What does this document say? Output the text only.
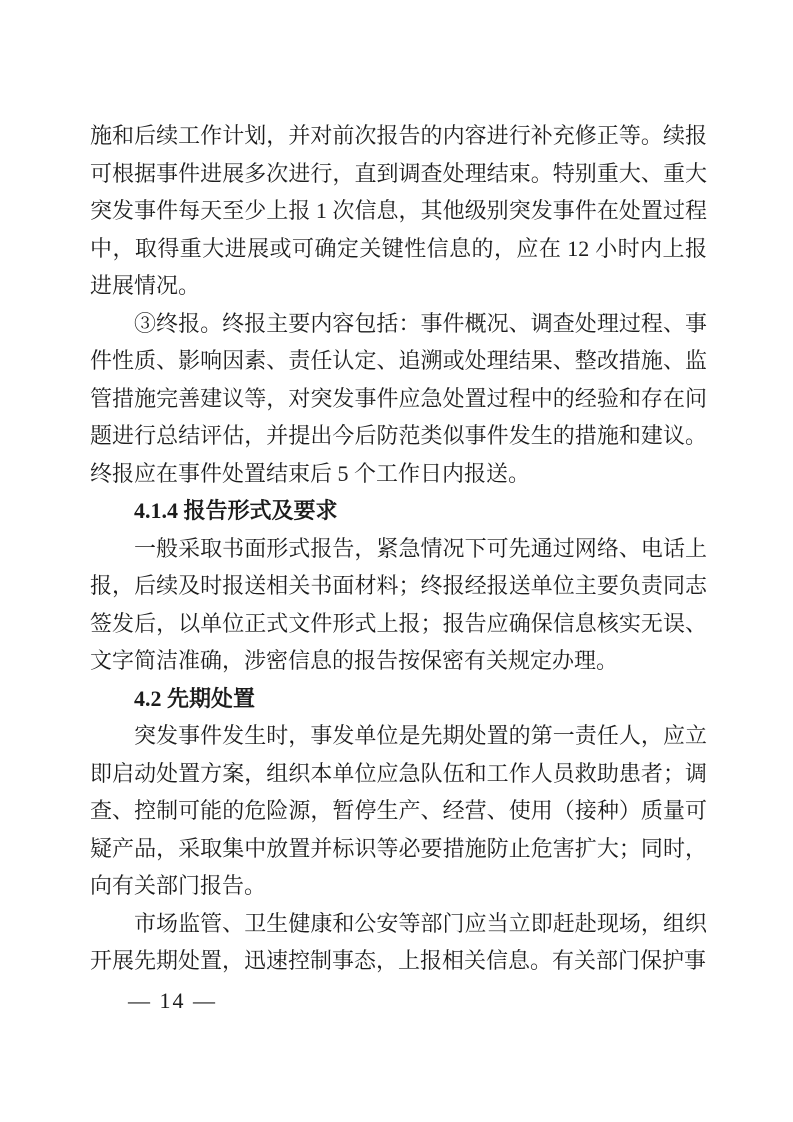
施和后续工作计划，并对前次报告的内容进行补充修正等。续报可根据事件进展多次进行，直到调查处理结束。特别重大、重大突发事件每天至少上报 1 次信息，其他级别突发事件在处置过程中，取得重大进展或可确定关键性信息的，应在 12 小时内上报进展情况。

③终报。终报主要内容包括：事件概况、调查处理过程、事件性质、影响因素、责任认定、追溯或处理结果、整改措施、监管措施完善建议等，对突发事件应急处置过程中的经验和存在问题进行总结评估，并提出今后防范类似事件发生的措施和建议。终报应在事件处置结束后 5 个工作日内报送。

4.1.4 报告形式及要求

一般采取书面形式报告，紧急情况下可先通过网络、电话上报，后续及时报送相关书面材料；终报经报送单位主要负责同志签发后，以单位正式文件形式上报；报告应确保信息核实无误、文字简洁准确，涉密信息的报告按保密有关规定办理。

4.2 先期处置

突发事件发生时，事发单位是先期处置的第一责任人，应立即启动处置方案，组织本单位应急队伍和工作人员救助患者；调查、控制可能的危险源，暂停生产、经营、使用（接种）质量可疑产品，采取集中放置并标识等必要措施防止危害扩大；同时，向有关部门报告。

市场监管、卫生健康和公安等部门应当立即赶赴现场，组织开展先期处置，迅速控制事态，上报相关信息。有关部门保护事

— 14 —
